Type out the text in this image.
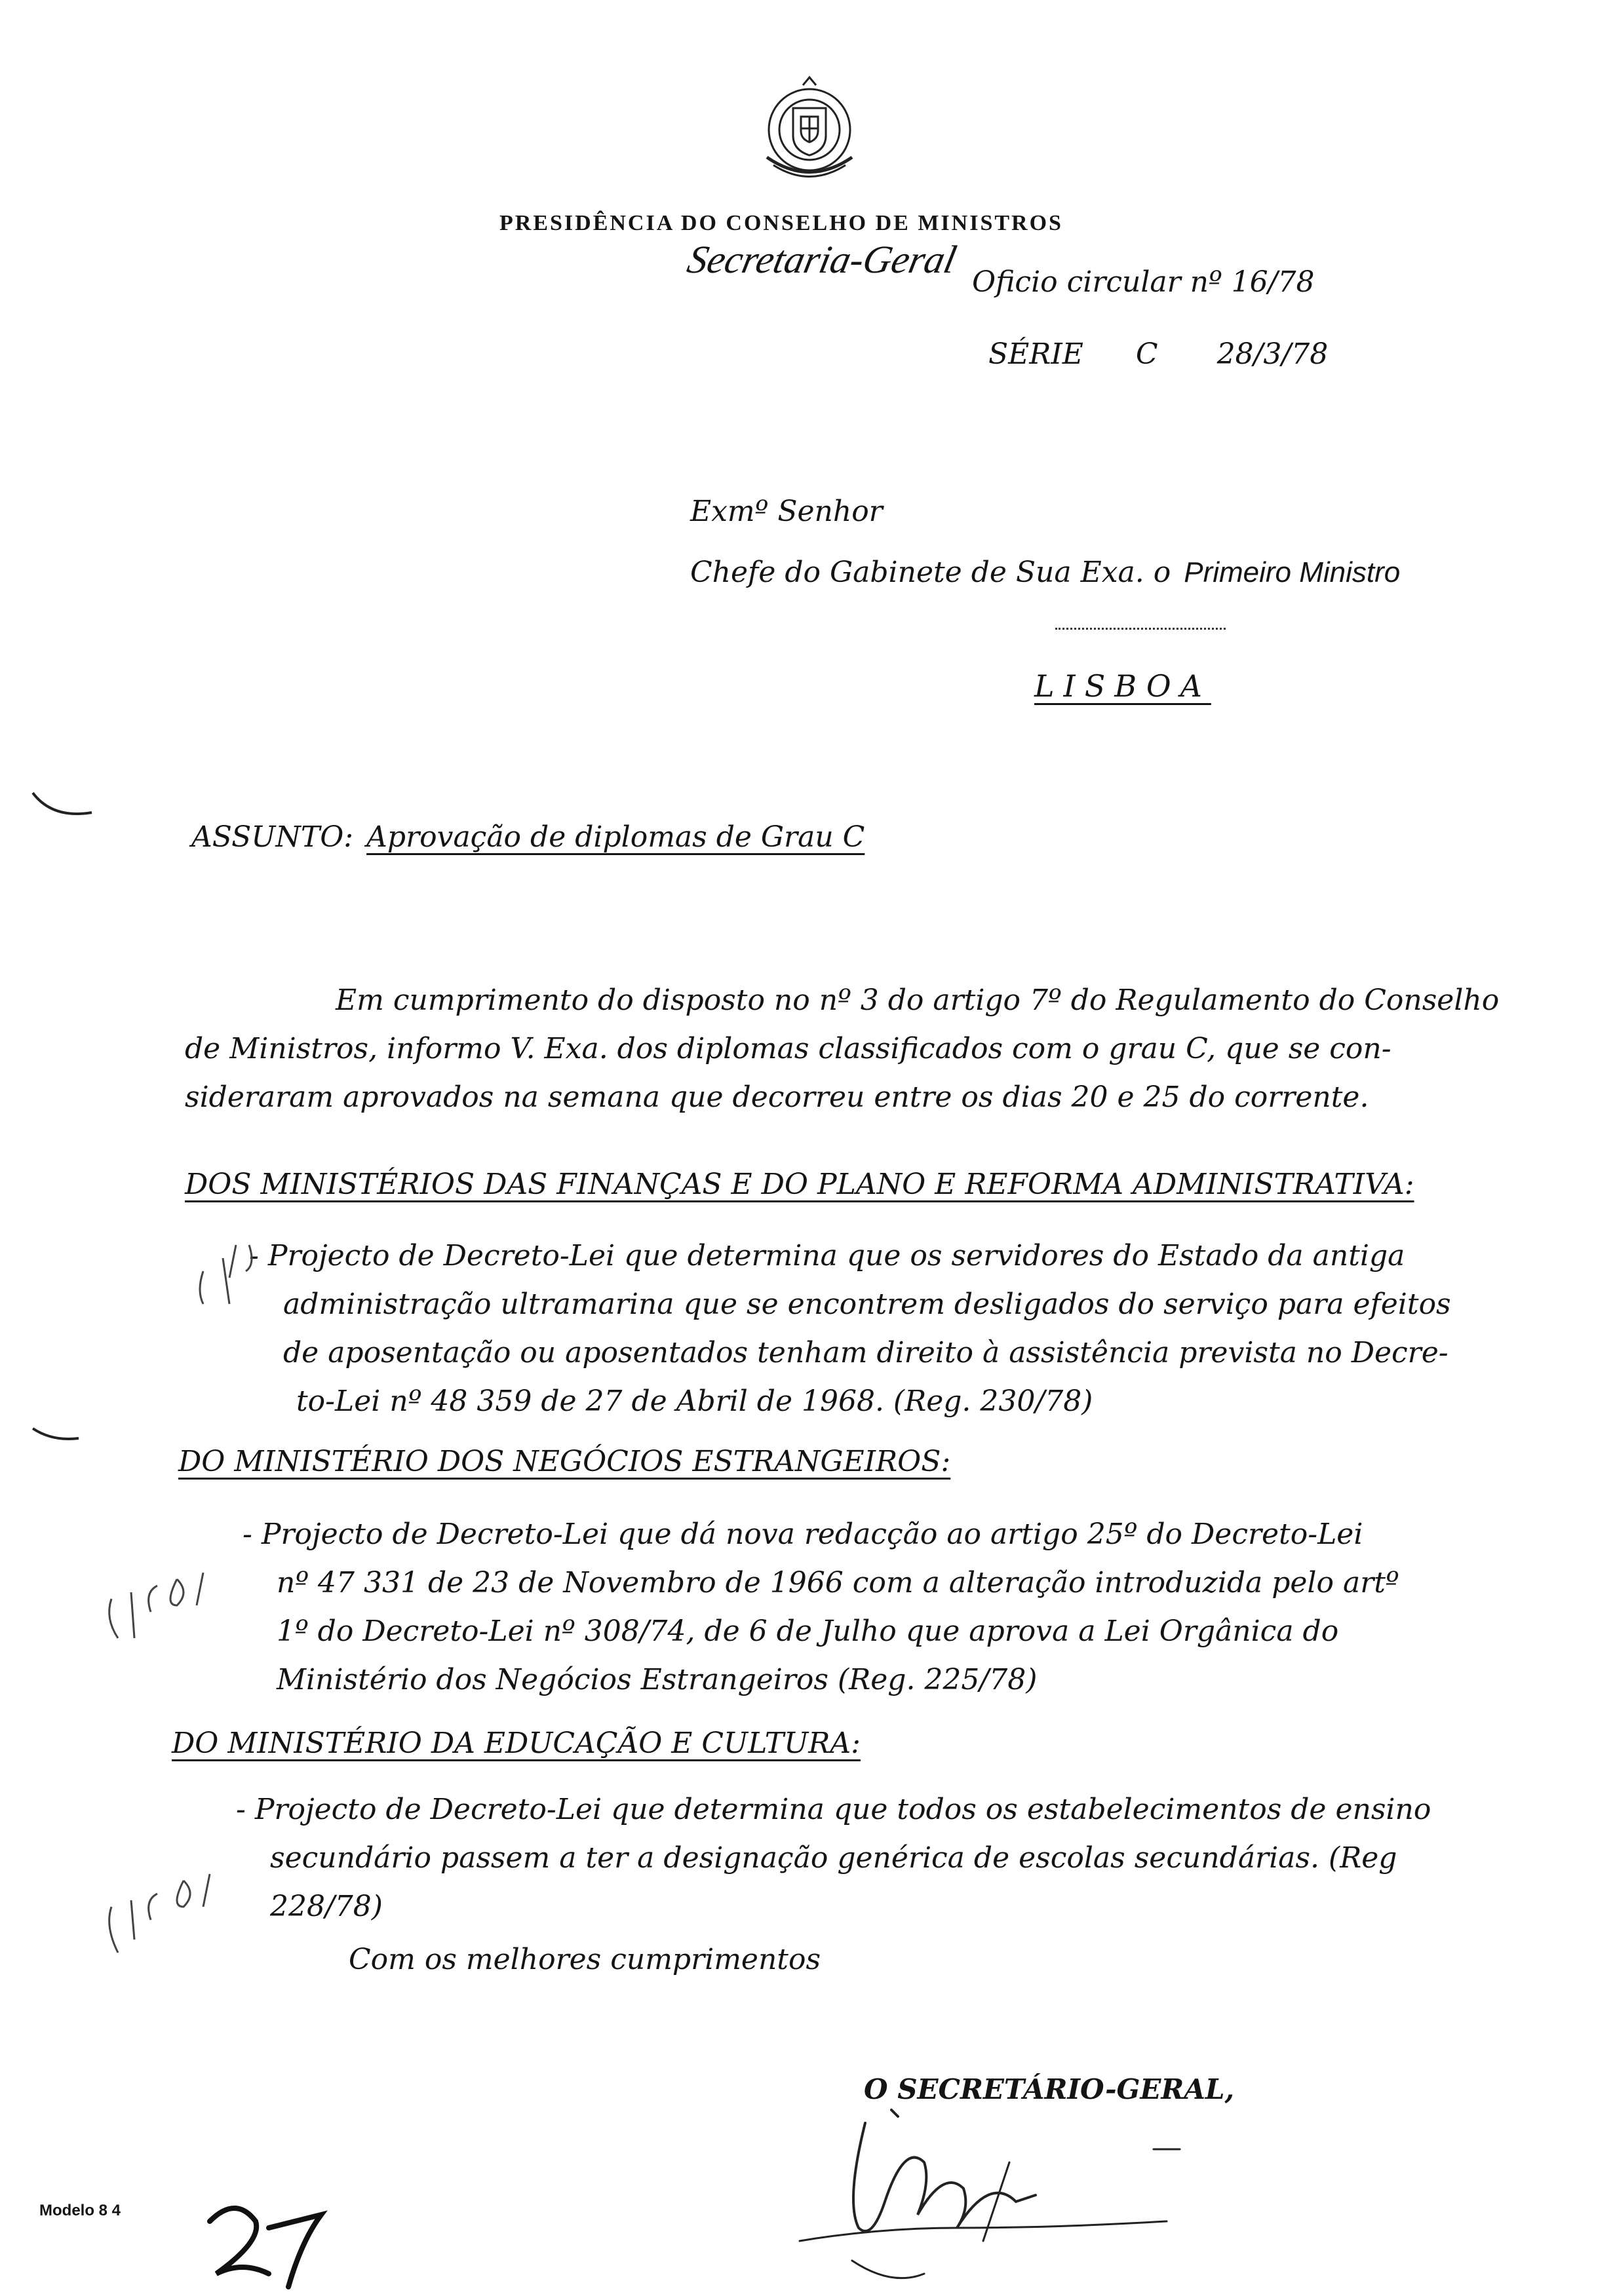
PRESIDÊNCIA DO CONSELHO DE MINISTROS
Secretaria-Geral
Oficio circular nº 16/78
SÉRIE C 28/3/78
Exmº Senhor
Chefe do Gabinete de Sua Exa. o Primeiro Ministro
LISBOA
ASSUNTO: Aprovação de diplomas de Grau C
Em cumprimento do disposto no nº 3 do artigo 7º do Regulamento do Conselho
de Ministros, informo V. Exa. dos diplomas classificados com o grau C, que se con-
sideraram aprovados na semana que decorreu entre os dias 20 e 25 do corrente.
DOS MINISTÉRIOS DAS FINANÇAS E DO PLANO E REFORMA ADMINISTRATIVA:
- Projecto de Decreto-Lei que determina que os servidores do Estado da antiga
administração ultramarina que se encontrem desligados do serviço para efeitos
de aposentação ou aposentados tenham direito à assistência prevista no Decre-
to-Lei nº 48 359 de 27 de Abril de 1968. (Reg. 230/78)
DO MINISTÉRIO DOS NEGÓCIOS ESTRANGEIROS:
- Projecto de Decreto-Lei que dá nova redacção ao artigo 25º do Decreto-Lei
nº 47 331 de 23 de Novembro de 1966 com a alteração introduzida pelo artº
1º do Decreto-Lei nº 308/74, de 6 de Julho que aprova a Lei Orgânica do
Ministério dos Negócios Estrangeiros (Reg. 225/78)
DO MINISTÉRIO DA EDUCAÇÃO E CULTURA:
- Projecto de Decreto-Lei que determina que todos os estabelecimentos de ensino
secundário passem a ter a designação genérica de escolas secundárias. (Reg
228/78)
Com os melhores cumprimentos
O SECRETÁRIO-GERAL,
Modelo 8 4
